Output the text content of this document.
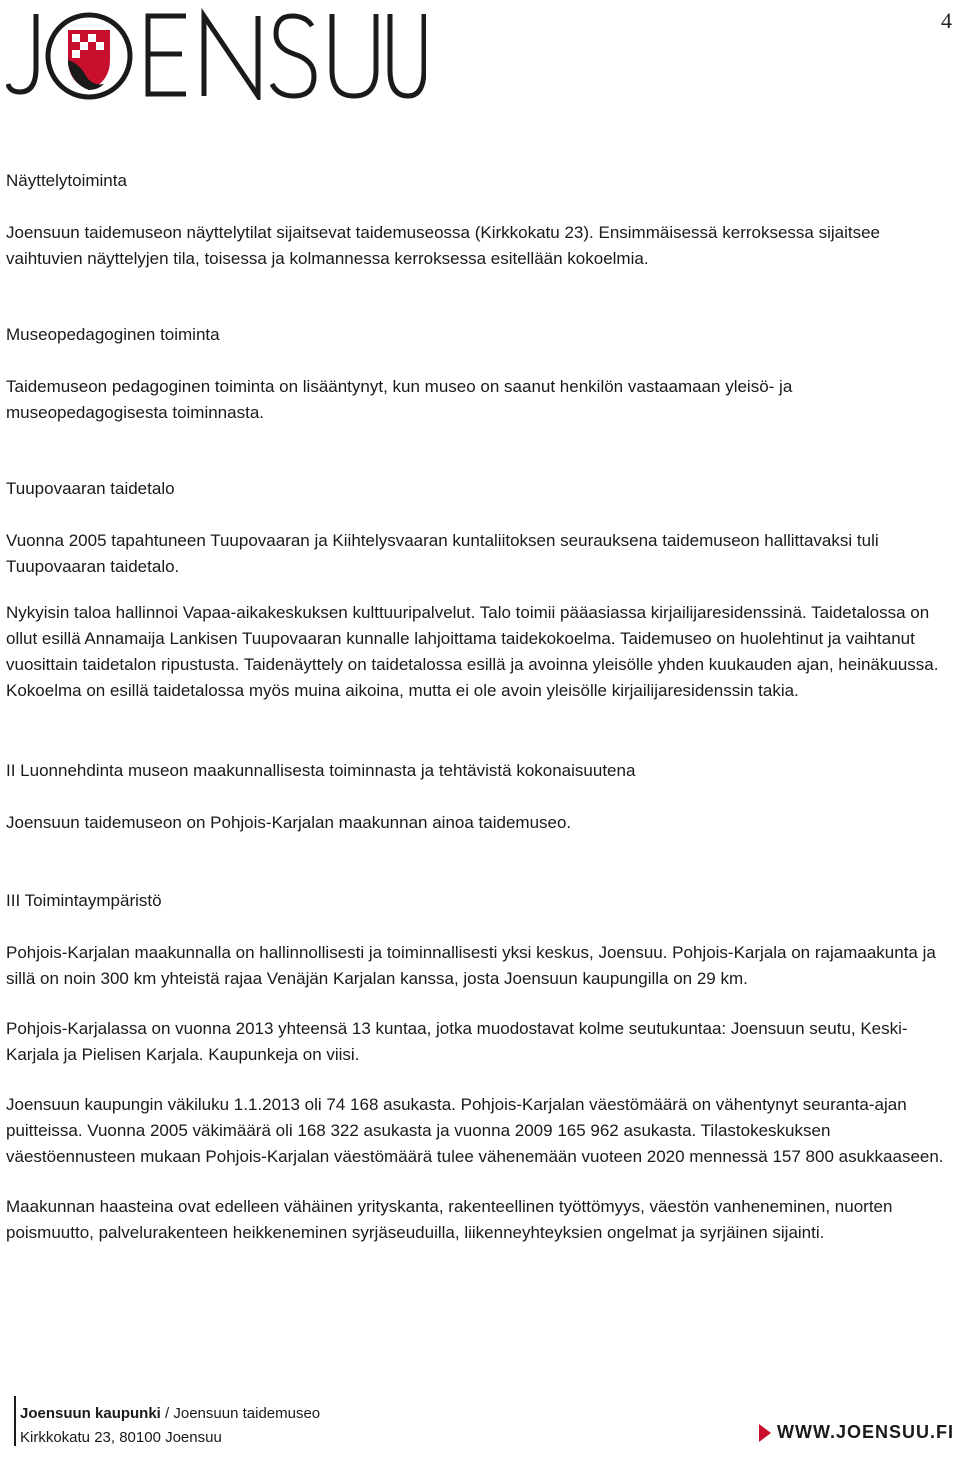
4
Näyttelytoiminta

Joensuun taidemuseon näyttelytilat sijaitsevat taidemuseossa (Kirkkokatu 23). Ensimmäisessä kerroksessa sijaitsee vaihtuvien näyttelyjen tila, toisessa ja kolmannessa kerroksessa esitellään kokoelmia.

Museopedagoginen toiminta

Taidemuseon pedagoginen toiminta on lisääntynyt, kun museo on saanut henkilön vastaamaan yleisö- ja museopedagogisesta toiminnasta.

Tuupovaaran taidetalo

Vuonna 2005 tapahtuneen Tuupovaaran ja Kiihtelysvaaran kuntaliitoksen seurauksena taidemuseon hallittavaksi tuli Tuupovaaran taidetalo.

Nykyisin taloa hallinnoi Vapaa-aikakeskuksen kulttuuripalvelut. Talo toimii pääasiassa kirjailijaresidenssinä. Taidetalossa on ollut esillä Annamaija Lankisen Tuupovaaran kunnalle lahjoittama taidekokoelma. Taidemuseo on huolehtinut ja vaihtanut vuosittain taidetalon ripustusta. Taidenäyttely on taidetalossa esillä ja avoinna yleisölle yhden kuukauden ajan, heinäkuussa. Kokoelma on esillä taidetalossa myös muina aikoina, mutta ei ole avoin yleisölle kirjailijaresidenssin takia.

II Luonnehdinta museon maakunnallisesta toiminnasta ja tehtävistä kokonaisuutena

Joensuun taidemuseon on Pohjois-Karjalan maakunnan ainoa taidemuseo.

III Toimintaympäristö

Pohjois-Karjalan maakunnalla on hallinnollisesti ja toiminnallisesti yksi keskus, Joensuu. Pohjois-Karjala on rajamaakunta ja sillä on noin 300 km yhteistä rajaa Venäjän Karjalan kanssa, josta Joensuun kaupungilla on 29 km.

Pohjois-Karjalassa on vuonna 2013 yhteensä 13 kuntaa, jotka muodostavat kolme seutukuntaa: Joensuun seutu, Keski-Karjala ja Pielisen Karjala. Kaupunkeja on viisi.

Joensuun kaupungin väkiluku 1.1.2013 oli 74 168 asukasta. Pohjois-Karjalan väestömäärä on vähentynyt seuranta-ajan puitteissa. Vuonna 2005 väkimäärä oli 168 322 asukasta ja vuonna 2009 165 962 asukasta. Tilastokeskuksen väestöennusteen mukaan Pohjois-Karjalan väestömäärä tulee vähenemään vuoteen 2020 mennessä 157 800 asukkaaseen.

Maakunnan haasteina ovat edelleen vähäinen yrityskanta, rakenteellinen työttömyys, väestön vanheneminen, nuorten poismuutto, palvelurakenteen heikkeneminen syrjäseuduilla, liikenneyhteyksien ongelmat ja syrjäinen sijainti.

Joensuun kaupunki / Joensuun taidemuseo
Kirkkokatu 23, 80100 Joensuu	WWW.JOENSUU.FI
